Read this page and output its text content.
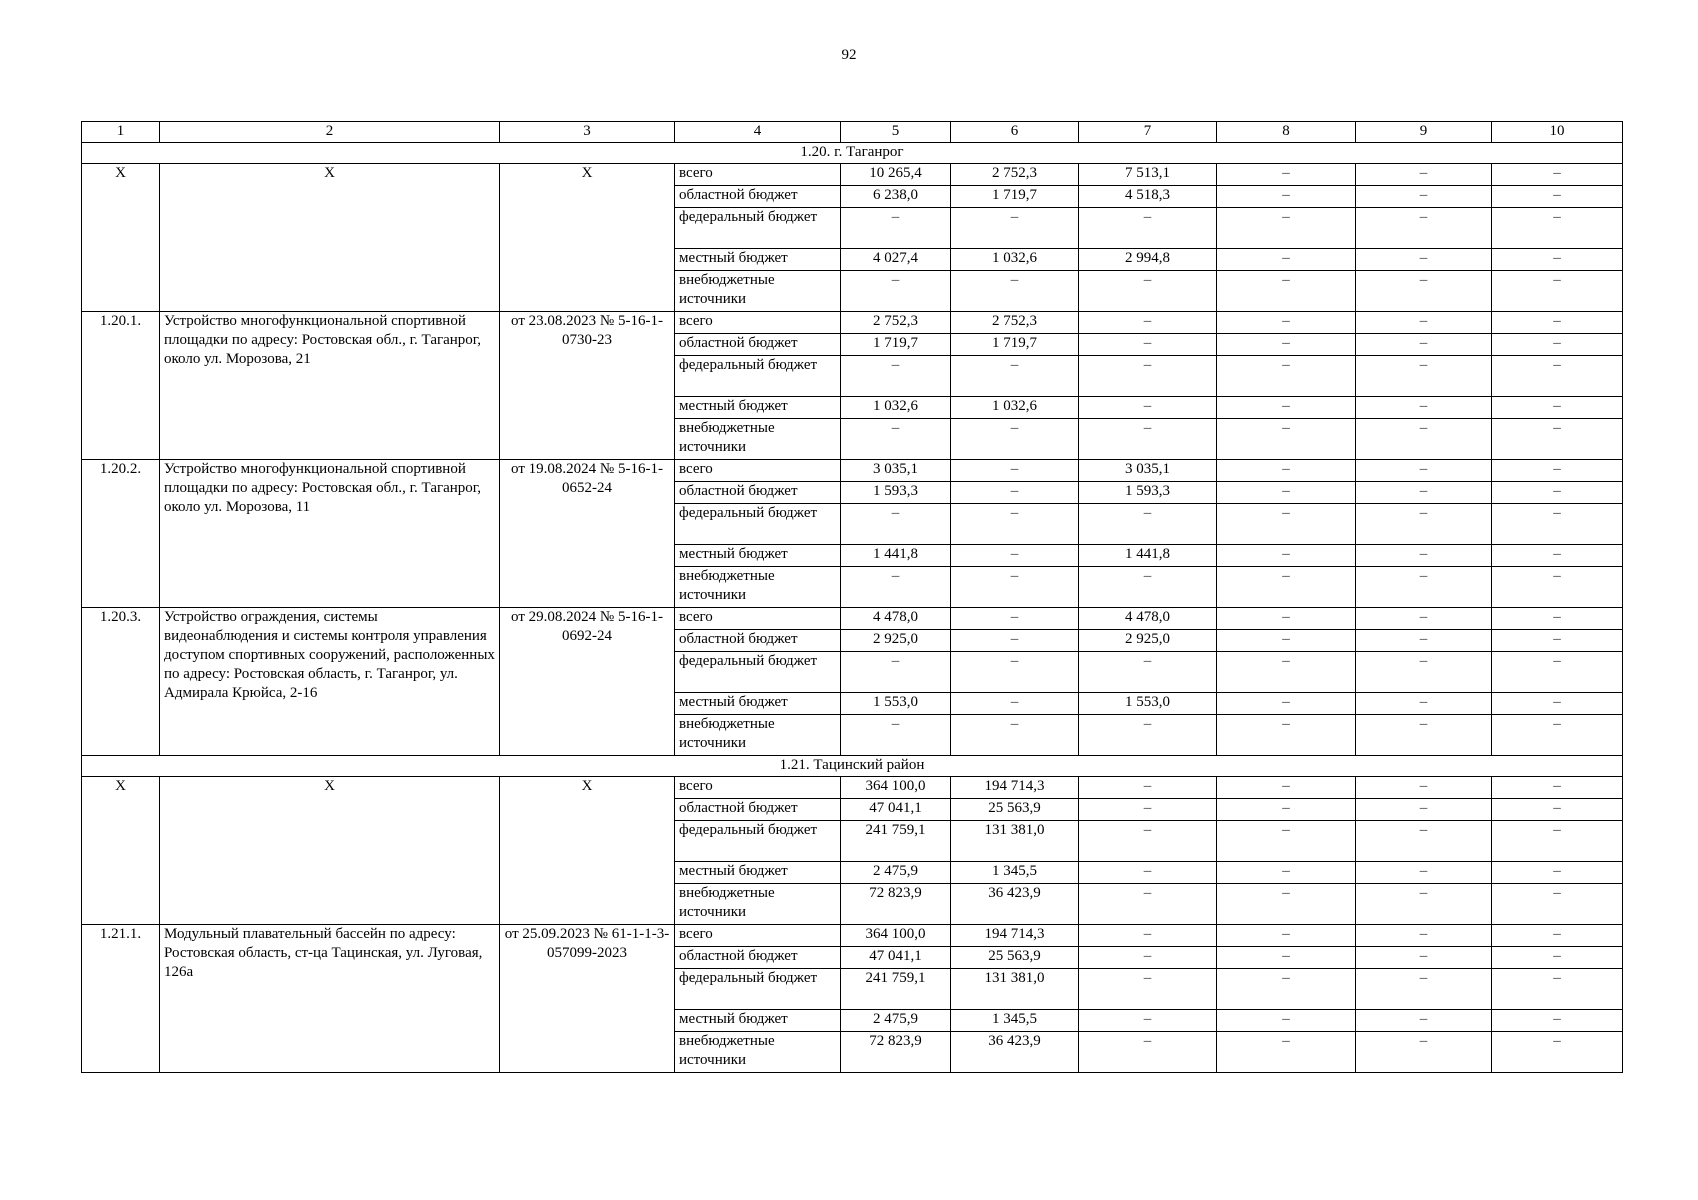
92
1	2	3	4	5	6	7	8	9	10
1.20. г. Таганрог									
Х	Х	Х	всего	10 265,4	2 752,3	7 513,1	–	–	–
			областной бюджет	6 238,0	1 719,7	4 518,3	–	–	–
			федеральный бюджет	–	–	–	–	–	–
			местный бюджет	4 027,4	1 032,6	2 994,8	–	–	–
			внебюджетные источники	–	–	–	–	–	–
1.20.1.	Устройство многофункциональной спортивной площадки по адресу: Ростовская обл., г. Таганрог, около ул. Морозова, 21	от 23.08.2023 № 5-16-1-0730-23	всего	2 752,3	2 752,3	–	–	–	–
			областной бюджет	1 719,7	1 719,7	–	–	–	–
			федеральный бюджет	–	–	–	–	–	–
			местный бюджет	1 032,6	1 032,6	–	–	–	–
			внебюджетные источники	–	–	–	–	–	–
1.20.2.	Устройство многофункциональной спортивной площадки по адресу: Ростовская обл., г. Таганрог, около ул. Морозова, 11	от 19.08.2024 № 5-16-1-0652-24	всего	3 035,1	–	3 035,1	–	–	–
			областной бюджет	1 593,3	–	1 593,3	–	–	–
			федеральный бюджет	–	–	–	–	–	–
			местный бюджет	1 441,8	–	1 441,8	–	–	–
			внебюджетные источники	–	–	–	–	–	–
1.20.3.	Устройство ограждения, системы видеонаблюдения и системы контроля управления доступом спортивных сооружений, расположенных по адресу: Ростовская область, г. Таганрог, ул. Адмирала Крюйса, 2-16	от 29.08.2024 № 5-16-1-0692-24	всего	4 478,0	–	4 478,0	–	–	–
			областной бюджет	2 925,0	–	2 925,0	–	–	–
			федеральный бюджет	–	–	–	–	–	–
			местный бюджет	1 553,0	–	1 553,0	–	–	–
			внебюджетные источники	–	–	–	–	–	–
1.21. Тацинский район									
Х	Х	Х	всего	364 100,0	194 714,3	–	–	–	–
			областной бюджет	47 041,1	25 563,9	–	–	–	–
			федеральный бюджет	241 759,1	131 381,0	–	–	–	–
			местный бюджет	2 475,9	1 345,5	–	–	–	–
			внебюджетные источники	72 823,9	36 423,9	–	–	–	–
1.21.1.	Модульный плавательный бассейн по адресу: Ростовская область, ст-ца Тацинская, ул. Луговая, 126а	от 25.09.2023 № 61-1-1-3-057099-2023	всего	364 100,0	194 714,3	–	–	–	–
			областной бюджет	47 041,1	25 563,9	–	–	–	–
			федеральный бюджет	241 759,1	131 381,0	–	–	–	–
			местный бюджет	2 475,9	1 345,5	–	–	–	–
			внебюджетные источники	72 823,9	36 423,9	–	–	–	–
